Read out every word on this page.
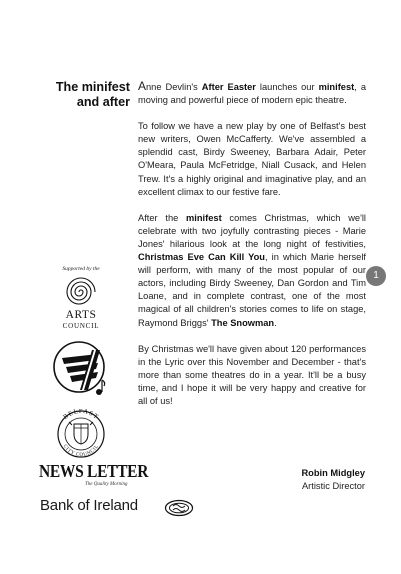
The minifest
and after

Anne Devlin's After Easter launches our minifest, a moving and powerful piece of modern epic theatre.

To follow we have a new play by one of Belfast's best new writers, Owen McCafferty. We've assembled a splendid cast, Birdy Sweeney, Barbara Adair, Peter O'Meara, Paula McFetridge, Niall Cusack, and Helen Trew. It's a highly original and imaginative play, and an excellent climax to our festive fare.

After the minifest comes Christmas, which we'll celebrate with two joyfully contrasting pieces - Marie Jones' hilarious look at the long night of festivities, Christmas Eve Can Kill You, in which Marie herself will perform, with many of the most popular of our actors, including Birdy Sweeney, Dan Gordon and Tim Loane, and in complete contrast, one of the most magical of all children's stories comes to life on stage, Raymond Briggs' The Snowman.

By Christmas we'll have given about 120 performances in the Lyric over this November and December - that's more than some theatres do in a year. It'll be a busy time, and I hope it will be very happy and creative for all of us!

1
Supported by the
ARTS
COUNCIL
BELFAST
CITY COUNCIL
NEWS LETTER
The Quality Morning
Bank of Ireland
Robin Midgley
Artistic Director
